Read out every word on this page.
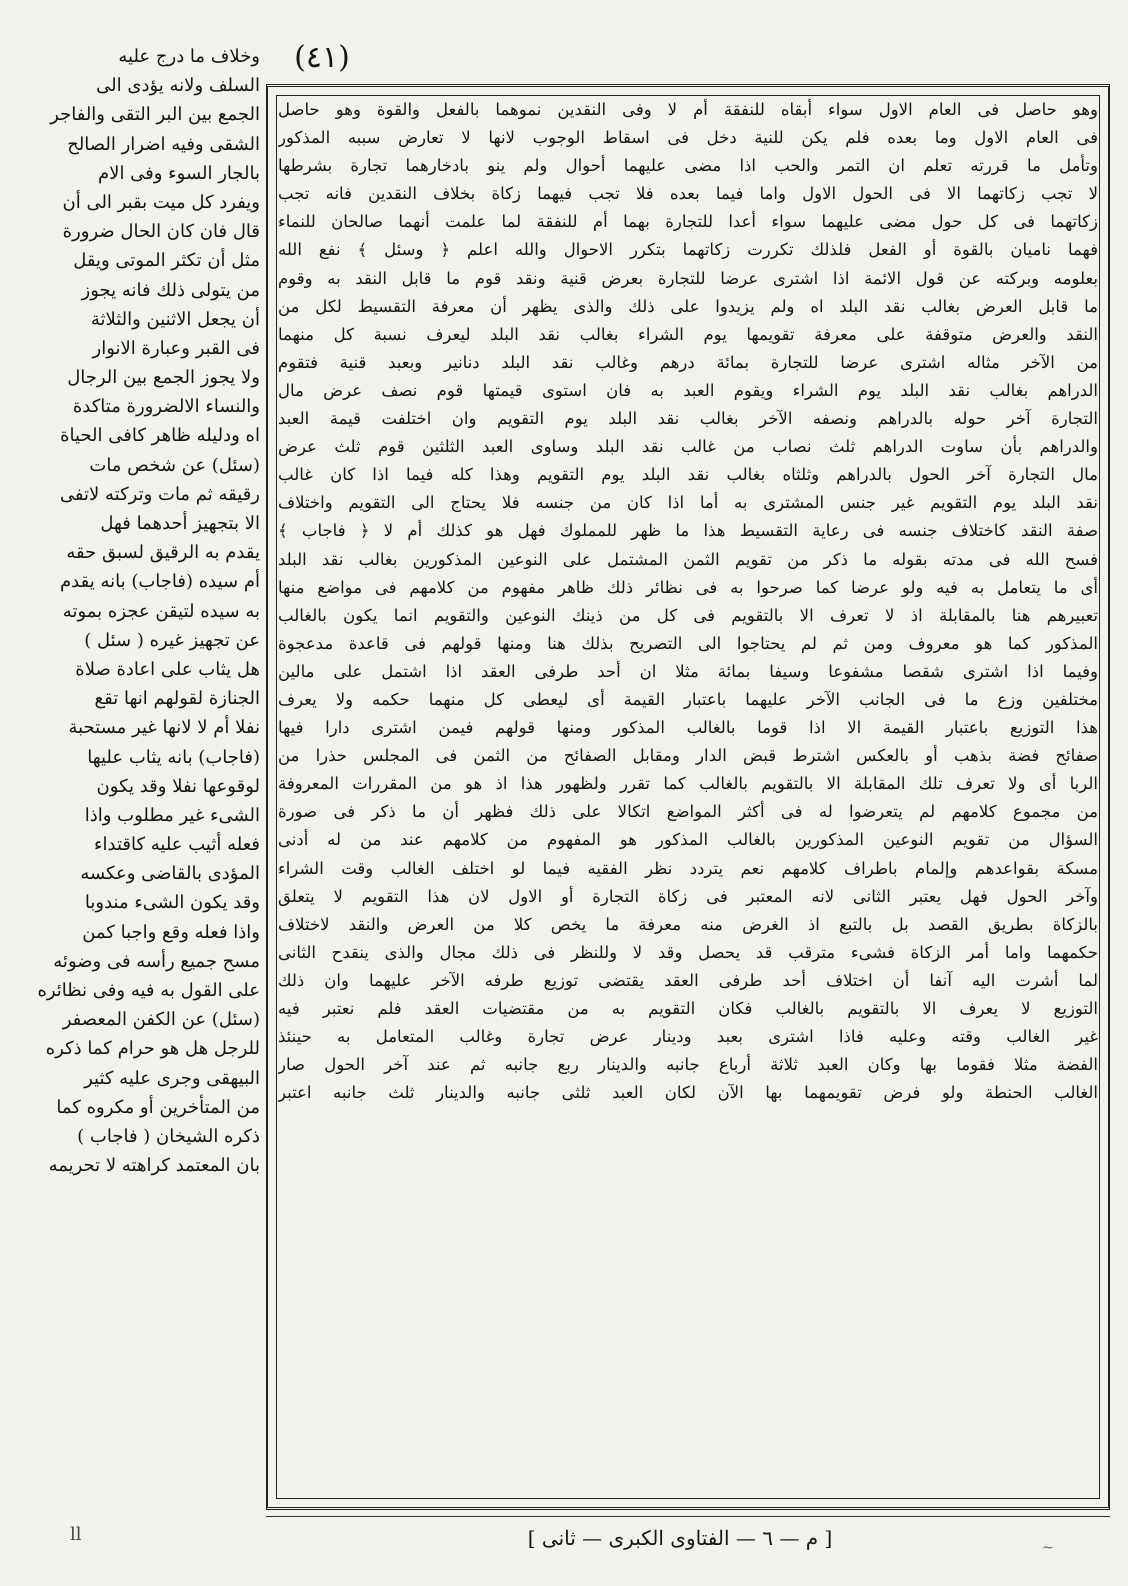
(٤١)
وخلاف ما درج عليه
السلف ولانه يؤدى الى
الجمع بين البر التقى والفاجر
الشقى وفيه اضرار الصالح
بالجار السوء وفى الام
ويفرد كل ميت بقبر الى أن
قال فان كان الحال ضرورة
مثل أن تكثر الموتى ويقل
من يتولى ذلك فانه يجوز
أن يجعل الاثنين والثلاثة
فى القبر وعبارة الانوار
ولا يجوز الجمع بين الرجال
والنساء الالضرورة متاكدة
اه ودليله ظاهر كافى الحياة
(سئل) عن شخص مات
رقيقه ثم مات وتركته لاتفى
الا بتجهيز أحدهما فهل
يقدم به الرقيق لسبق حقه
أم سيده (فاجاب) بانه يقدم
به سيده لتيقن عجزه بموته
عن تجهيز غيره ( سئل )
هل يثاب على اعادة صلاة
الجنازة لقولهم انها تقع
نفلا أم لا لانها غير مستحبة
(فاجاب) بانه يثاب عليها
لوقوعها نفلا وقد يكون
الشىء غير مطلوب واذا
فعله أثيب عليه كاقتداء
المؤدى بالقاضى وعكسه
وقد يكون الشىء مندوبا
واذا فعله وقع واجبا كمن
مسح جميع رأسه فى وضوئه
على القول به فيه وفى نظائره
(سئل) عن الكفن المعصفر
للرجل هل هو حرام كما ذكره
البيهقى وجرى عليه كثير
من المتأخرين أو مكروه كما
ذكره الشيخان ( فاجاب )
بان المعتمد كراهته لا تحريمه
وهو حاصل فى العام الاول سواء أبقاه للنفقة أم لا وفى النقدين نموهما بالفعل والقوة وهو حاصل
فى العام الاول وما بعده فلم يكن للنية دخل فى اسقاط الوجوب لانها لا تعارض سببه المذكور
وتأمل ما قررته تعلم ان التمر والحب اذا مضى عليهما أحوال ولم ينو بادخارهما تجارة بشرطها
لا تجب زكاتهما الا فى الحول الاول واما فيما بعده فلا تجب فيهما زكاة بخلاف النقدين فانه تجب
زكاتهما فى كل حول مضى عليهما سواء أعدا للتجارة بهما أم للنفقة لما علمت أنهما صالحان للنماء
فهما ناميان بالقوة أو الفعل فلذلك تكررت زكاتهما بتكرر الاحوال والله اعلم ﴿ وسئل ﴾ نفع الله
بعلومه وبركته عن قول الائمة اذا اشترى عرضا للتجارة بعرض قنية ونقد قوم ما قابل النقد به وقوم
ما قابل العرض بغالب نقد البلد اه ولم يزيدوا على ذلك والذى يظهر أن معرفة التقسيط لكل من
النقد والعرض متوقفة على معرفة تقويمها يوم الشراء بغالب نقد البلد ليعرف نسبة كل منهما
من الآخر مثاله اشترى عرضا للتجارة بمائة درهم وغالب نقد البلد دنانير وبعبد قنية فتقوم
الدراهم بغالب نقد البلد يوم الشراء ويقوم العبد به فان استوى قيمتها قوم نصف عرض مال
التجارة آخر حوله بالدراهم ونصفه الآخر بغالب نقد البلد يوم التقويم وان اختلفت قيمة العبد
والدراهم بأن ساوت الدراهم ثلث نصاب من غالب نقد البلد وساوى العبد الثلثين قوم ثلث عرض
مال التجارة آخر الحول بالدراهم وثلثاه بغالب نقد البلد يوم التقويم وهذا كله فيما اذا كان غالب
نقد البلد يوم التقويم غير جنس المشترى به أما اذا كان من جنسه فلا يحتاج الى التقويم واختلاف
صفة النقد كاختلاف جنسه فى رعاية التقسيط هذا ما ظهر للمملوك فهل هو كذلك أم لا ﴿ فاجاب ﴾
فسح الله فى مدته بقوله ما ذكر من تقويم الثمن المشتمل على النوعين المذكورين بغالب نقد البلد
أى ما يتعامل به فيه ولو عرضا كما صرحوا به فى نظائر ذلك ظاهر مفهوم من كلامهم فى مواضع منها
تعبيرهم هنا بالمقابلة اذ لا تعرف الا بالتقويم فى كل من ذينك النوعين والتقويم انما يكون بالغالب
المذكور كما هو معروف ومن ثم لم يحتاجوا الى التصريح بذلك هنا ومنها قولهم فى قاعدة مدعجوة
وفيما اذا اشترى شقصا مشفوعا وسيفا بمائة مثلا ان أحد طرفى العقد اذا اشتمل على مالين
مختلفين وزع ما فى الجانب الآخر عليهما باعتبار القيمة أى ليعطى كل منهما حكمه ولا يعرف
هذا التوزيع باعتبار القيمة الا اذا قوما بالغالب المذكور ومنها قولهم فيمن اشترى دارا فيها
صفائح فضة بذهب أو بالعكس اشترط قبض الدار ومقابل الصفائح من الثمن فى المجلس حذرا من
الربا أى ولا تعرف تلك المقابلة الا بالتقويم بالغالب كما تقرر ولظهور هذا اذ هو من المقررات المعروفة
من مجموع كلامهم لم يتعرضوا له فى أكثر المواضع اتكالا على ذلك فظهر أن ما ذكر فى صورة
السؤال من تقويم النوعين المذكورين بالغالب المذكور هو المفهوم من كلامهم عند من له أدنى
مسكة بقواعدهم وإلمام باطراف كلامهم نعم يتردد نظر الفقيه فيما لو اختلف الغالب وقت الشراء
وآخر الحول فهل يعتبر الثانى لانه المعتبر فى زكاة التجارة أو الاول لان هذا التقويم لا يتعلق
بالزكاة بطريق القصد بل بالتبع اذ الغرض منه معرفة ما يخص كلا من العرض والنقد لاختلاف
حكمهما واما أمر الزكاة فشىء مترقب قد يحصل وقد لا وللنظر فى ذلك مجال والذى ينقدح الثانى
لما أشرت اليه آنفا أن اختلاف أحد طرفى العقد يقتضى توزيع طرفه الآخر عليهما وان ذلك
التوزيع لا يعرف الا بالتقويم بالغالب فكان التقويم به من مقتضيات العقد فلم نعتبر فيه
غير الغالب وقته وعليه فاذا اشترى بعبد ودينار عرض تجارة وغالب المتعامل به حينئذ
الفضة مثلا فقوما بها وكان العبد ثلاثة أرباع جانبه والدينار ربع جانبه ثم عند آخر الحول صار
الغالب الحنطة ولو فرض تقويمهما بها الآن لكان العبد ثلثى جانبه والدينار ثلث جانبه اعتبر
[ م — ٦ — الفتاوى الكبرى — ثانى ]
ll
~
